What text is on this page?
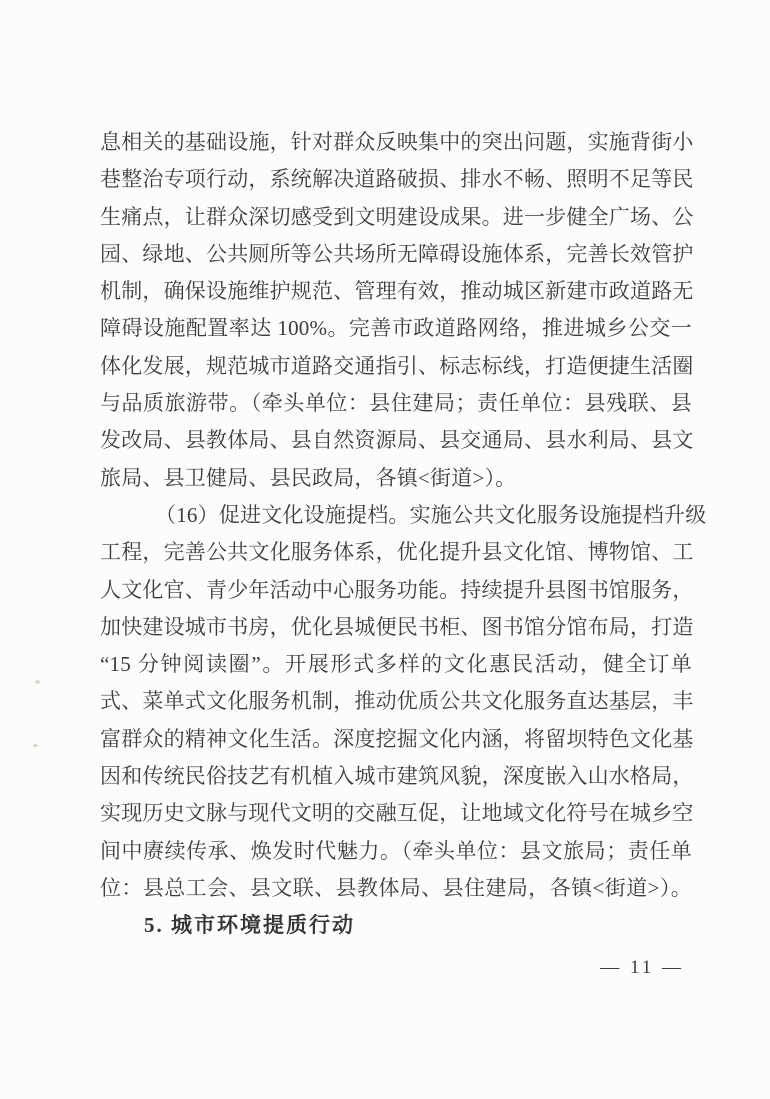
息相关的基础设施，针对群众反映集中的突出问题，实施背街小
巷整治专项行动，系统解决道路破损、排水不畅、照明不足等民
生痛点，让群众深切感受到文明建设成果。进一步健全广场、公
园、绿地、公共厕所等公共场所无障碍设施体系，完善长效管护
机制，确保设施维护规范、管理有效，推动城区新建市政道路无
障碍设施配置率达 100%。完善市政道路网络，推进城乡公交一
体化发展，规范城市道路交通指引、标志标线，打造便捷生活圈
与品质旅游带。（牵头单位：县住建局；责任单位：县残联、县
发改局、县教体局、县自然资源局、县交通局、县水利局、县文
旅局、县卫健局、县民政局，各镇<街道>）。
（16）促进文化设施提档。实施公共文化服务设施提档升级
工程，完善公共文化服务体系，优化提升县文化馆、博物馆、工
人文化官、青少年活动中心服务功能。持续提升县图书馆服务，
加快建设城市书房，优化县城便民书柜、图书馆分馆布局，打造
“15 分钟阅读圈”。开展形式多样的文化惠民活动，健全订单
式、菜单式文化服务机制，推动优质公共文化服务直达基层，丰
富群众的精神文化生活。深度挖掘文化内涵，将留坝特色文化基
因和传统民俗技艺有机植入城市建筑风貌，深度嵌入山水格局，
实现历史文脉与现代文明的交融互促，让地域文化符号在城乡空
间中赓续传承、焕发时代魅力。（牵头单位：县文旅局；责任单
位：县总工会、县文联、县教体局、县住建局，各镇<街道>）。
5. 城市环境提质行动
— 11 —
